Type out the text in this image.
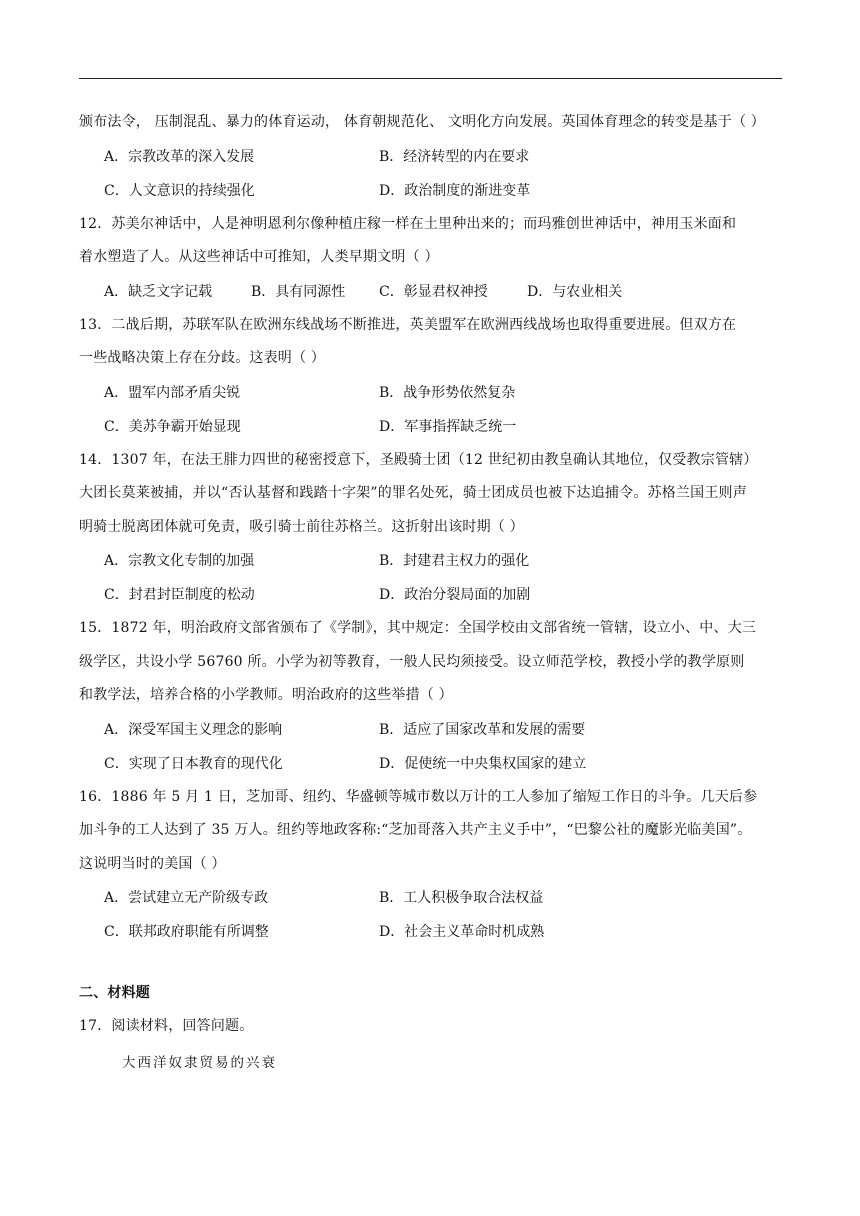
颁布法令， 压制混乱、暴力的体育运动， 体育朝规范化、 文明化方向发展。英国体育理念的转变是基于（ ）

A．宗教改革的深入发展	B．经济转型的内在要求
C．人文意识的持续强化	D．政治制度的渐进变革

12．苏美尔神话中，人是神明恩利尔像种植庄稼一样在土里种出来的；而玛雅创世神话中，神用玉米面和

着水塑造了人。从这些神话中可推知，人类早期文明（ ）

A．缺乏文字记载	B．具有同源性 C．彰显君权神授	D．与农业相关

13．二战后期，苏联军队在欧洲东线战场不断推进，英美盟军在欧洲西线战场也取得重要进展。但双方在

一些战略决策上存在分歧。这表明（ ）

A．盟军内部矛盾尖锐	B．战争形势依然复杂
C．美苏争霸开始显现	D．军事指挥缺乏统一

14．1307 年，在法王腓力四世的秘密授意下，圣殿骑士团（12 世纪初由教皇确认其地位，仅受教宗管辖）

大团长莫莱被捕，并以“否认基督和践踏十字架”的罪名处死，骑士团成员也被下达追捕令。苏格兰国王则声

明骑士脱离团体就可免责，吸引骑士前往苏格兰。这折射出该时期（ ）

A．宗教文化专制的加强	B．封建君主权力的强化
C．封君封臣制度的松动	D．政治分裂局面的加剧

15．1872 年，明治政府文部省颁布了《学制》，其中规定：全国学校由文部省统一管辖，设立小、中、大三

级学区，共设小学 56760 所。小学为初等教育，一般人民均须接受。设立师范学校，教授小学的教学原则

和教学法，培养合格的小学教师。明治政府的这些举措（ ）

A．深受军国主义理念的影响	B．适应了国家改革和发展的需要
C．实现了日本教育的现代化	D．促使统一中央集权国家的建立

16．1886 年 5 月 1 日，芝加哥、纽约、华盛顿等城市数以万计的工人参加了缩短工作日的斗争。几天后参

加斗争的工人达到了 35 万人。纽约等地政客称:“芝加哥落入共产主义手中”，“巴黎公社的魔影光临美国”。

这说明当时的美国（ ）

A．尝试建立无产阶级专政	B．工人积极争取合法权益
C．联邦政府职能有所调整	D．社会主义革命时机成熟

二、材料题

17．阅读材料，回答问题。

大西洋奴隶贸易的兴衰
